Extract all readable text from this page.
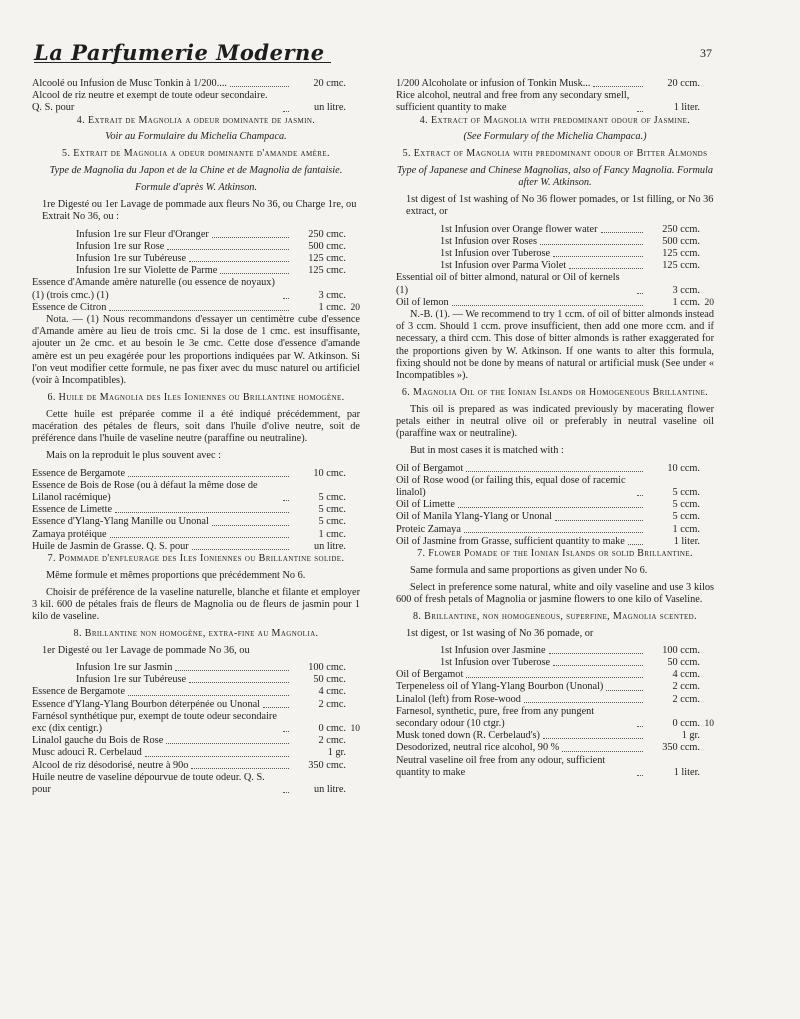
La Parfumerie Moderne	37
Alcoolé ou Infusion de Musc Tonkin à 1/200....	20 cmc.
Alcool de riz neutre et exempt de toute odeur secondaire. Q. S. pour	un litre.

4. Extrait de Magnolia a odeur dominante de jasmin.

Voir au Formulaire du Michelia Champaca.

5. Extrait de Magnolia a odeur dominante d'amande amère.

Type de Magnolia du Japon et de la Chine et de Magnolia de fantaisie.

Formule d'après W. Atkinson.

1re Digesté ou 1er Lavage de pommade aux fleurs No 36, ou Charge 1re, ou Extrait No 36, ou :

Infusion 1re sur Fleur d'Oranger	250 cmc.
Infusion 1re sur Rose	500 cmc.
Infusion 1re sur Tubéreuse	125 cmc.
Infusion 1re sur Violette de Parme	125 cmc.
Essence d'Amande amère naturelle (ou essence de noyaux) (1) (trois cmc.) (1)	3 cmc.
Essence de Citron	1 cmc. 20

Nota. — (1) Nous recommandons d'essayer un centimètre cube d'essence d'Amande amère au lieu de trois cmc. Si la dose de 1 cmc. est insuffisante, ajouter un 2e cmc. et au besoin le 3e cmc. Cette dose d'essence d'amande amère est un peu exagérée pour les proportions indiquées par W. Atkinson. Si l'on veut modifier cette formule, ne pas fixer avec du musc naturel ou artificiel (voir à Incompatibles).

6. Huile de Magnolia des Iles Ioniennes ou Brillantine homogène.

Cette huile est préparée comme il a été indiqué précédemment, par macération des pétales de fleurs, soit dans l'huile d'olive neutre, soit de préférence dans l'huile de vaseline neutre (paraffine ou neutraline).

Mais on la reproduit le plus souvent avec :

Essence de Bergamote	10 cmc.
Essence de Bois de Rose (ou à défaut la même dose de Lilanol racémique)	5 cmc.
Essence de Limette	5 cmc.
Essence d'Ylang-Ylang Manille ou Unonal	5 cmc.
Zamaya protéique	1 cmc.
Huile de Jasmin de Grasse. Q. S. pour	un litre.

7. Pommade d'enfleurage des Iles Ioniennes ou Brillantine solide.

Même formule et mêmes proportions que précédemment No 6.

Choisir de préférence de la vaseline naturelle, blanche et filante et employer 3 kil. 600 de pétales frais de fleurs de Magnolia ou de fleurs de jasmin pour 1 kilo de vaseline.

8. Brillantine non homogène, extra-fine au Magnolia.

1er Digesté ou 1er Lavage de pommade No 36, ou

Infusion 1re sur Jasmin	100 cmc.
Infusion 1re sur Tubéreuse	50 cmc.
Essence de Bergamote	4 cmc.
Essence d'Ylang-Ylang Bourbon déterpénée ou Unonal	2 cmc.
Farnésol synthétique pur, exempt de toute odeur secondaire exc (dix centigr.)	0 cmc. 10
Linalol gauche du Bois de Rose	2 cmc.
Musc adouci R. Cerbelaud	1 gr.
Alcool de riz désodorisé, neutre à 90o	350 cmc.
Huile neutre de vaseline dépourvue de toute odeur. Q. S. pour	un litre.
1/200 Alcoholate or infusion of Tonkin Musk...	20 ccm.
Rice alcohol, neutral and free from any secondary smell, sufficient quantity to make	1 liter.

4. Extract of Magnolia with predominant odour of Jasmine.

(See Formulary of the Michelia Champaca.)

5. Extract of Magnolia with predominant odour of Bitter Almonds

Type of Japanese and Chinese Magnolias, also of Fancy Magnolia. Formula after W. Atkinson.

1st digest of 1st washing of No 36 flower pomades, or 1st filling, or No 36 extract, or

1st Infusion over Orange flower water	250 ccm.
1st Infusion over Roses	500 ccm.
1st Infusion over Tuberose	125 ccm.
1st Infusion over Parma Violet	125 ccm.
Essential oil of bitter almond, natural or Oil of kernels (1)	3 ccm.
Oil of lemon	1 ccm. 20

N.-B. (1). — We recommend to try 1 ccm. of oil of bitter almonds instead of 3 ccm. Should 1 ccm. prove insufficient, then add one more ccm. and if necessary, a third ccm. This dose of bitter almonds is rather exaggerated for the proportions given by W. Atkinson. If one wants to alter this formula, fixing should not be done by means of natural or artificial musk (See under « Incompatibles »).

6. Magnolia Oil of the Ionian Islands or Homogeneous Brillantine.

This oil is prepared as was indicated previously by macerating flower petals either in neutral olive oil or preferably in neutral vaseline oil (paraffine wax or neutraline).

But in most cases it is matched with :

Oil of Bergamot	10 ccm.
Oil of Rose wood (or failing this, equal dose of racemic linalol)	5 ccm.
Oil of Limette	5 ccm.
Oil of Manila Ylang-Ylang or Unonal	5 ccm.
Proteic Zamaya	1 ccm.
Oil of Jasmine from Grasse, sufficient quantity to make	1 liter.

7. Flower Pomade of the Ionian Islands or solid Brillantine.

Same formula and same proportions as given under No 6.

Select in preference some natural, white and oily vaseline and use 3 kilos 600 of fresh petals of Magnolia or jasmine flowers to one kilo of Vaseline.

8. Brillantine, non homogeneous, superfine, Magnolia scented.

1st digest, or 1st wasing of No 36 pomade, or

1st Infusion over Jasmine	100 ccm.
1st Infusion over Tuberose	50 ccm.
Oil of Bergamot	4 ccm.
Terpeneless oil of Ylang-Ylang Bourbon (Unonal)	2 ccm.
Linalol (left) from Rose-wood	2 ccm.
Farnesol, synthetic, pure, free from any pungent secondary odour (10 ctgr.)	0 ccm. 10
Musk toned down (R. Cerbelaud's)	1 gr.
Desodorized, neutral rice alcohol, 90 %	350 ccm.
Neutral vaseline oil free from any odour, sufficient quantity to make	1 liter.
